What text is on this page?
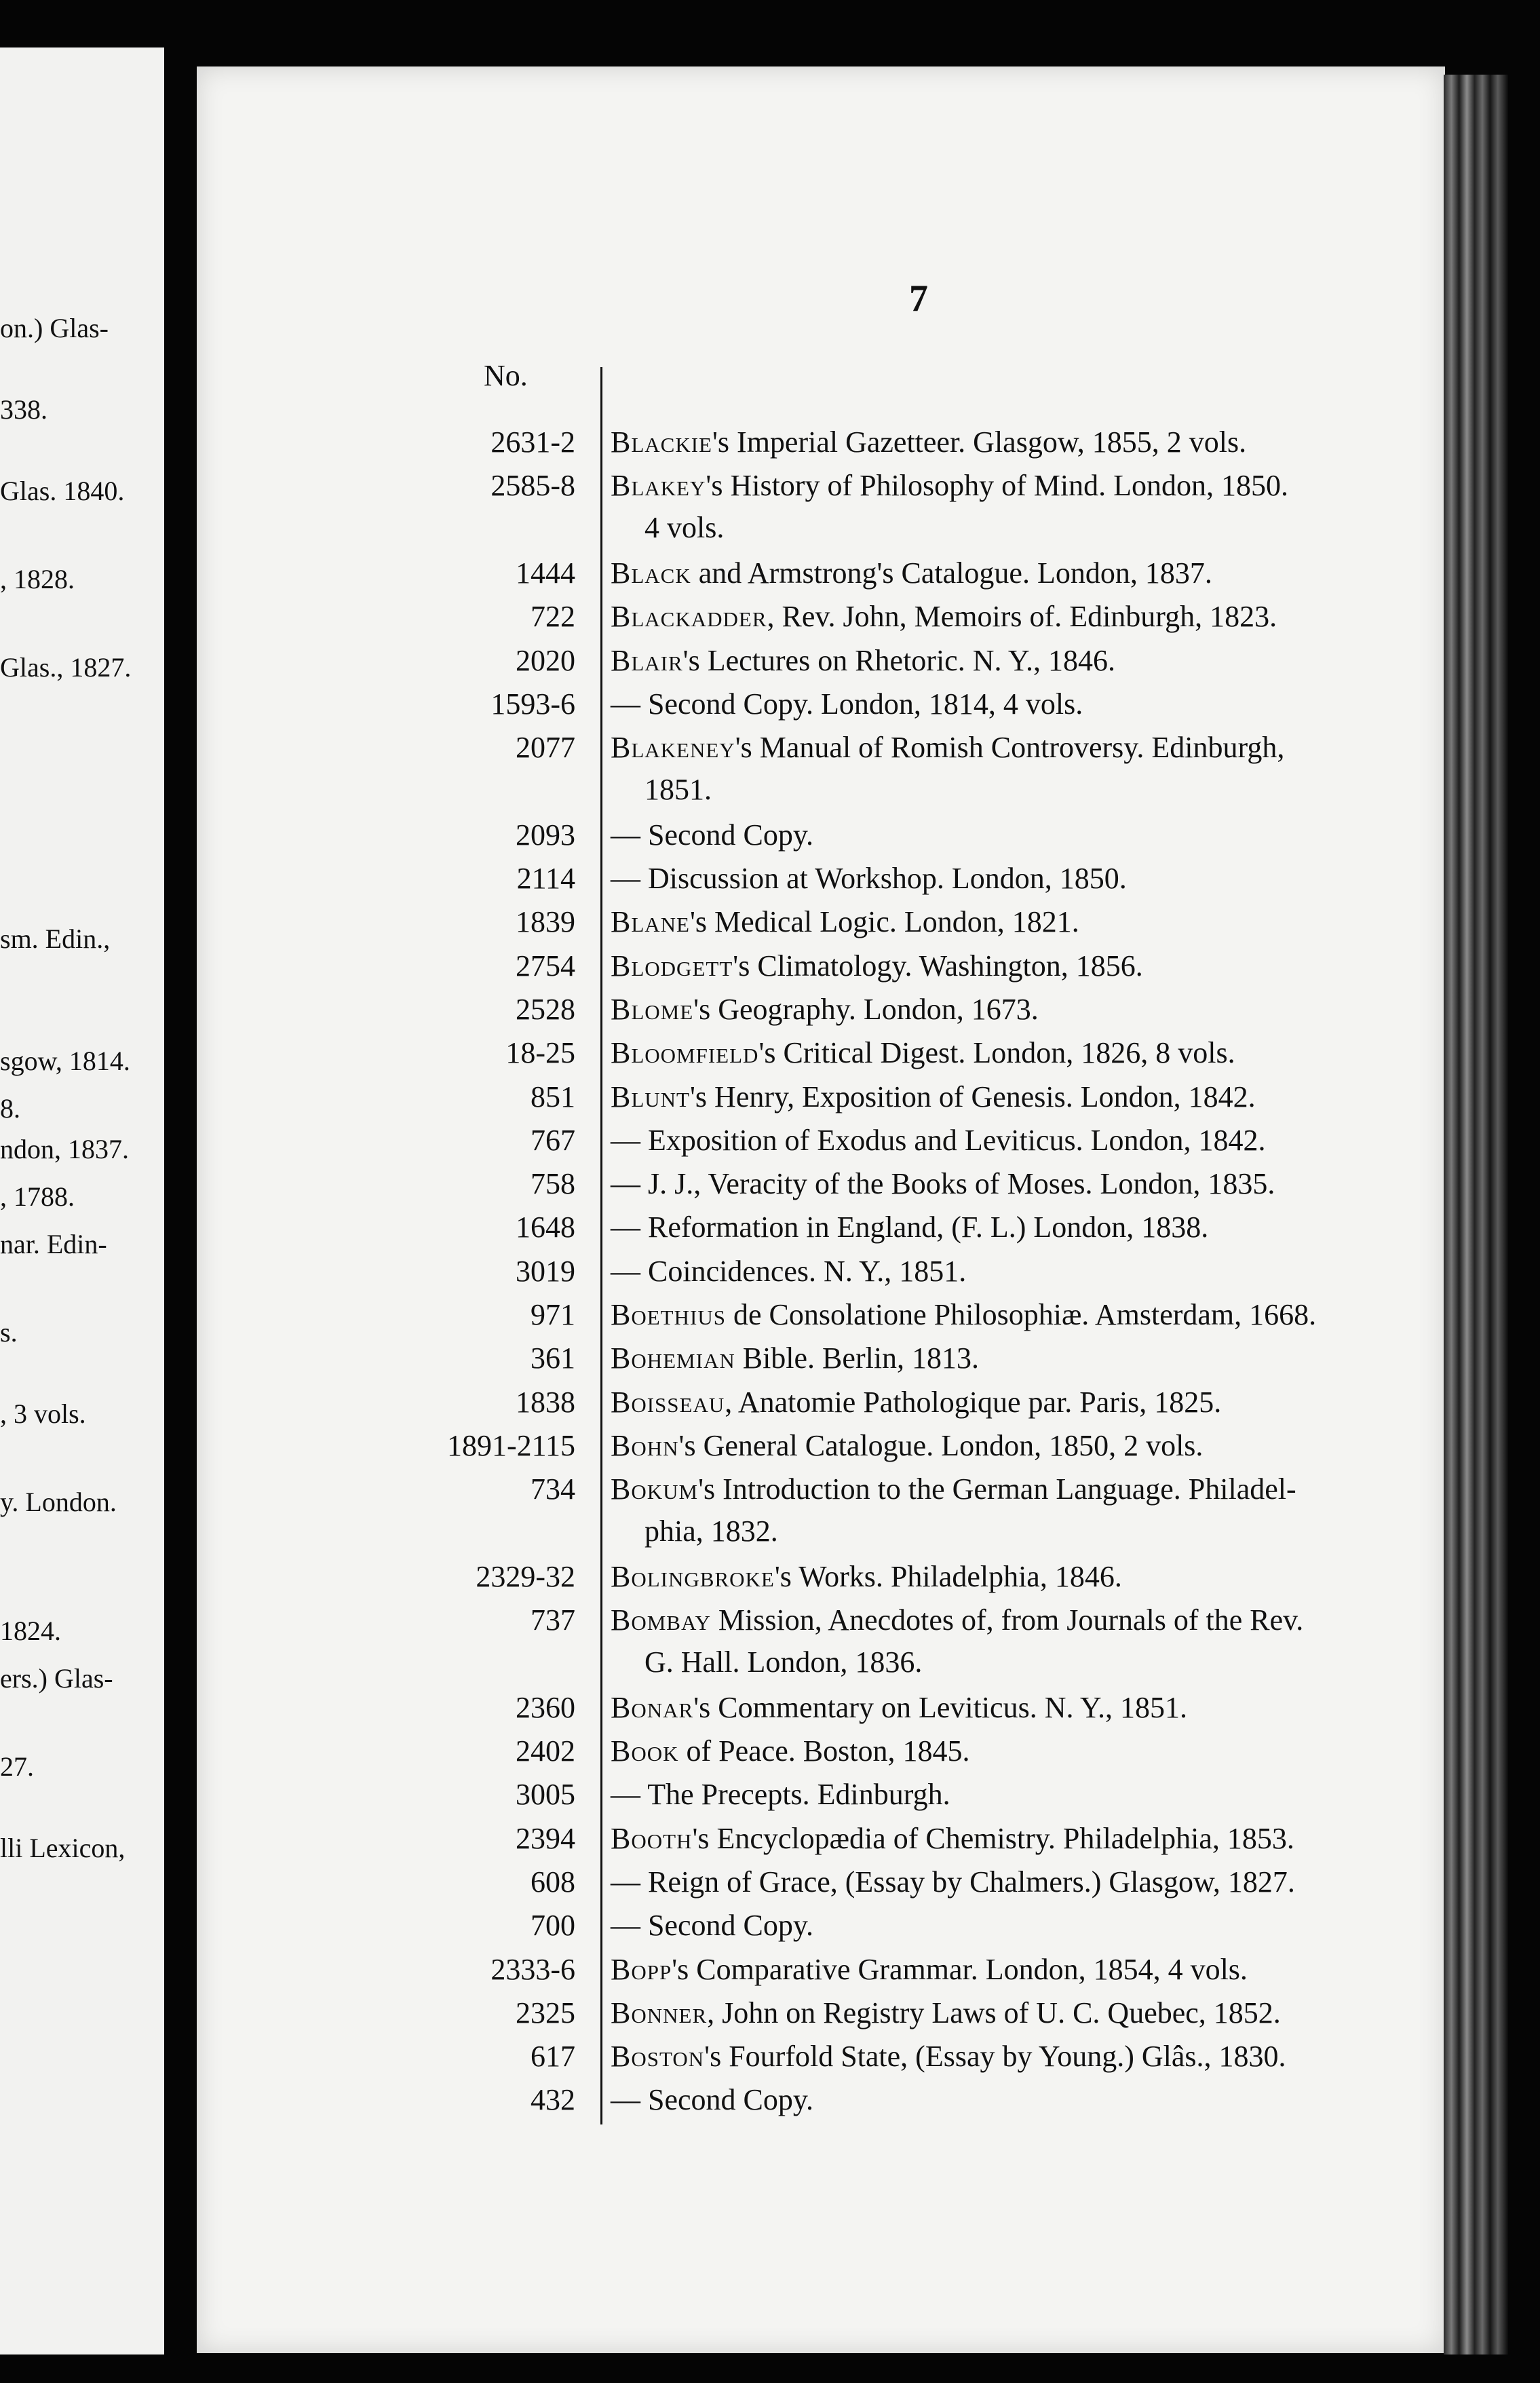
on.) Glas-
338.
Glas. 1840.
, 1828.
Glas., 1827.
sm. Edin.,
sgow, 1814.
8.
ndon, 1837.
, 1788.
nar. Edin-
s.
, 3 vols.
y. London.
1824.
ers.) Glas-
27.
lli Lexicon,
7
No.
2631-2 Blackie's Imperial Gazetteer. Glasgow, 1855, 2 vols.
2585-8 Blakey's History of Philosophy of Mind. London, 1850.
4 vols.
1444 Black and Armstrong's Catalogue. London, 1837.
722 Blackadder, Rev. John, Memoirs of. Edinburgh, 1823.
2020 Blair's Lectures on Rhetoric. N. Y., 1846.
1593-6 — Second Copy. London, 1814, 4 vols.
2077 Blakeney's Manual of Romish Controversy. Edinburgh,
1851.
2093 — Second Copy.
2114 — Discussion at Workshop. London, 1850.
1839 Blane's Medical Logic. London, 1821.
2754 Blodgett's Climatology. Washington, 1856.
2528 Blome's Geography. London, 1673.
18-25 Bloomfield's Critical Digest. London, 1826, 8 vols.
851 Blunt's Henry, Exposition of Genesis. London, 1842.
767 — Exposition of Exodus and Leviticus. London, 1842.
758 — J. J., Veracity of the Books of Moses. London, 1835.
1648 — Reformation in England, (F. L.) London, 1838.
3019 — Coincidences. N. Y., 1851.
971 Boethius de Consolatione Philosophiæ. Amsterdam, 1668.
361 Bohemian Bible. Berlin, 1813.
1838 Boisseau, Anatomie Pathologique par. Paris, 1825.
1891-2115 Bohn's General Catalogue. London, 1850, 2 vols.
734 Bokum's Introduction to the German Language. Philadel-
phia, 1832.
2329-32 Bolingbroke's Works. Philadelphia, 1846.
737 Bombay Mission, Anecdotes of, from Journals of the Rev.
G. Hall. London, 1836.
2360 Bonar's Commentary on Leviticus. N. Y., 1851.
2402 Book of Peace. Boston, 1845.
3005 — The Precepts. Edinburgh.
2394 Booth's Encyclopædia of Chemistry. Philadelphia, 1853.
608 — Reign of Grace, (Essay by Chalmers.) Glasgow, 1827.
700 — Second Copy.
2333-6 Bopp's Comparative Grammar. London, 1854, 4 vols.
2325 Bonner, John on Registry Laws of U. C. Quebec, 1852.
617 Boston's Fourfold State, (Essay by Young.) Glâs., 1830.
432 — Second Copy.
